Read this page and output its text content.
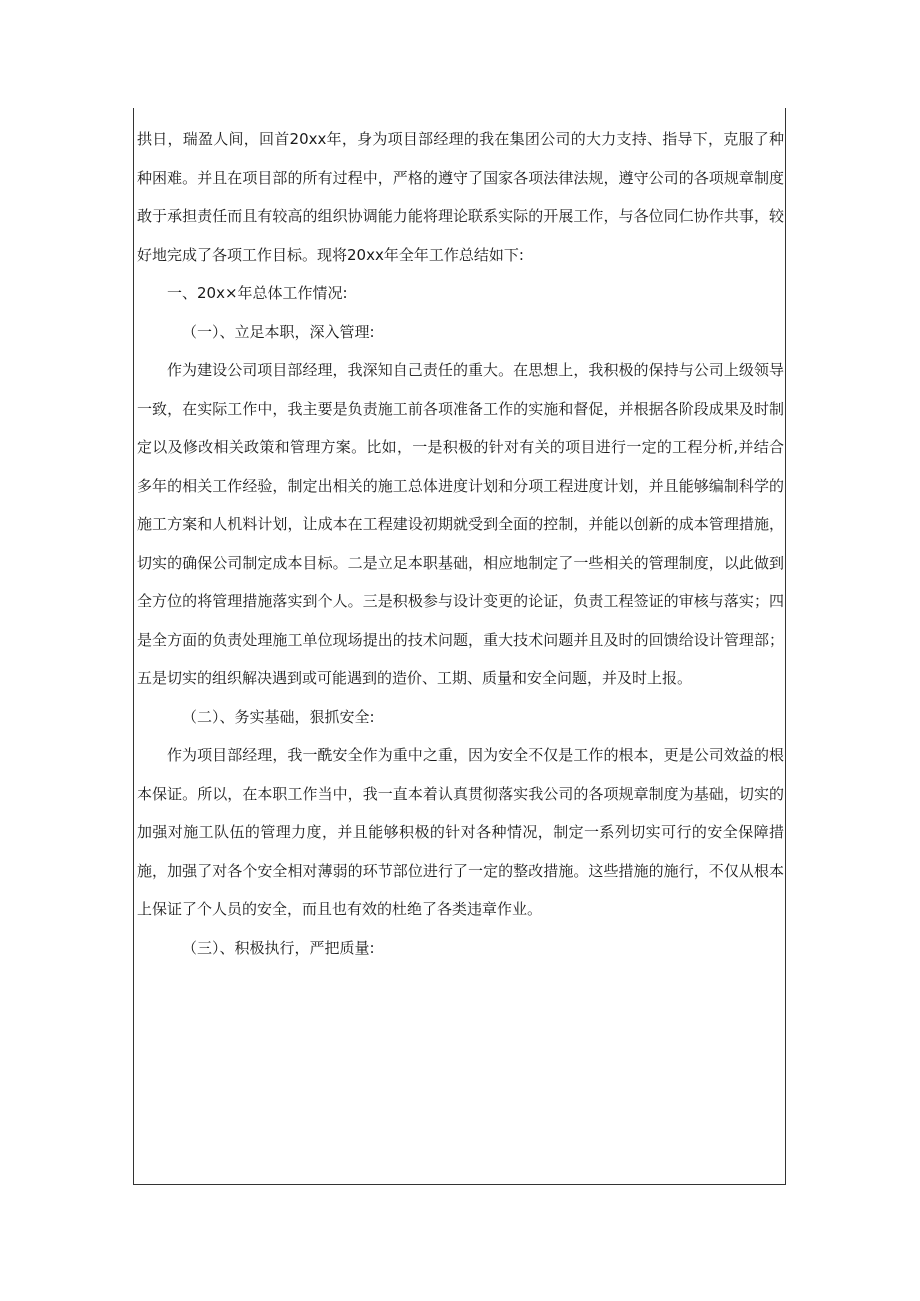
拱日，瑞盈人间，回首20xx年，身为项目部经理的我在集团公司的大力支持、指导下，克服了种种困难。并且在项目部的所有过程中，严格的遵守了国家各项法律法规，遵守公司的各项规章制度敢于承担责任而且有较高的组织协调能力能将理论联系实际的开展工作，与各位同仁协作共事，较好地完成了各项工作目标。现将20xx年全年工作总结如下:

一、20x×年总体工作情况:

（一）、立足本职，深入管理:

作为建设公司项目部经理，我深知自己责任的重大。在思想上，我积极的保持与公司上级领导一致，在实际工作中，我主要是负责施工前各项准备工作的实施和督促，并根据各阶段成果及时制定以及修改相关政策和管理方案。比如，一是积极的针对有关的项目进行一定的工程分析,并结合多年的相关工作经验，制定出相关的施工总体进度计划和分项工程进度计划，并且能够编制科学的施工方案和人机料计划，让成本在工程建设初期就受到全面的控制，并能以创新的成本管理措施，切实的确保公司制定成本目标。二是立足本职基础，相应地制定了一些相关的管理制度，以此做到全方位的将管理措施落实到个人。三是积极参与设计变更的论证，负责工程签证的审核与落实；四是全方面的负责处理施工单位现场提出的技术问题，重大技术问题并且及时的回馈给设计管理部；五是切实的组织解决遇到或可能遇到的造价、工期、质量和安全问题，并及时上报。

（二）、务实基础，狠抓安全:

作为项目部经理，我一酰安全作为重中之重，因为安全不仅是工作的根本，更是公司效益的根本保证。所以，在本职工作当中，我一直本着认真贯彻落实我公司的各项规章制度为基础，切实的加强对施工队伍的管理力度，并且能够积极的针对各种情况，制定一系列切实可行的安全保障措施，加强了对各个安全相对薄弱的环节部位进行了一定的整改措施。这些措施的施行，不仅从根本上保证了个人员的安全，而且也有效的杜绝了各类违章作业。

（三）、积极执行，严把质量:
